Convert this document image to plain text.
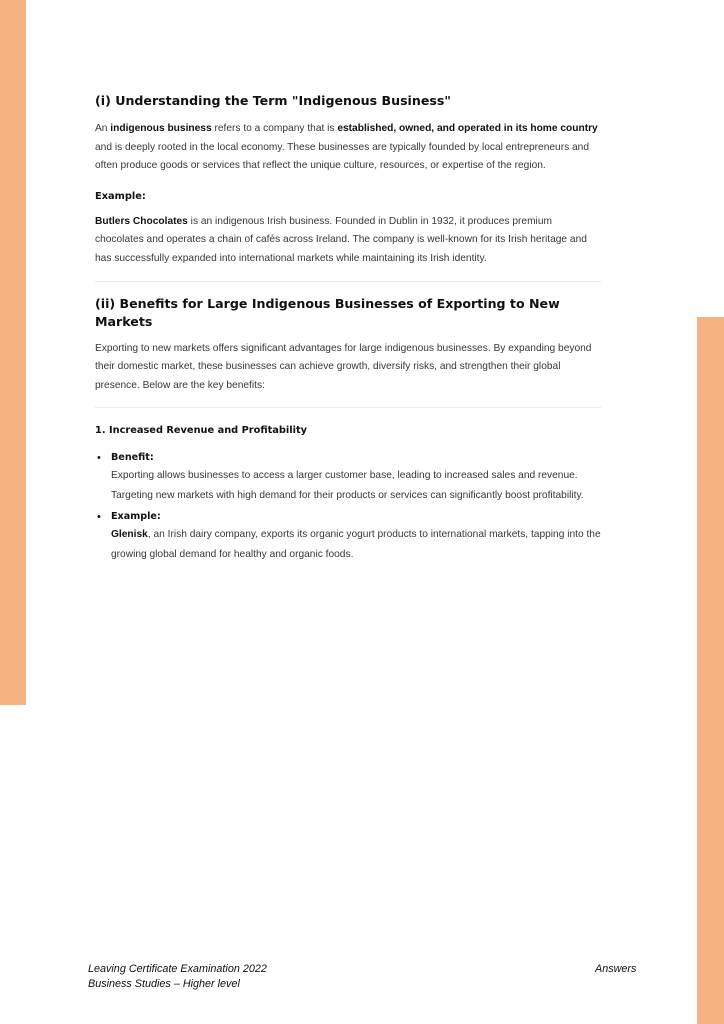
(i) Understanding the Term "Indigenous Business"

An indigenous business refers to a company that is established, owned, and operated in its home country and is deeply rooted in the local economy. These businesses are typically founded by local entrepreneurs and often produce goods or services that reflect the unique culture, resources, or expertise of the region.

Example:

Butlers Chocolates is an indigenous Irish business. Founded in Dublin in 1932, it produces premium chocolates and operates a chain of cafés across Ireland. The company is well-known for its Irish heritage and has successfully expanded into international markets while maintaining its Irish identity.

(ii) Benefits for Large Indigenous Businesses of Exporting to New Markets

Exporting to new markets offers significant advantages for large indigenous businesses. By expanding beyond their domestic market, these businesses can achieve growth, diversify risks, and strengthen their global presence. Below are the key benefits:

1. Increased Revenue and Profitability
• Benefit:

Exporting allows businesses to access a larger customer base, leading to increased sales and revenue. Targeting new markets with high demand for their products or services can significantly boost profitability.

• Example:

Glenisk, an Irish dairy company, exports its organic yogurt products to international markets, tapping into the growing global demand for healthy and organic foods.

Leaving Certificate Examination 2022
Business Studies – Higher level
Answers
